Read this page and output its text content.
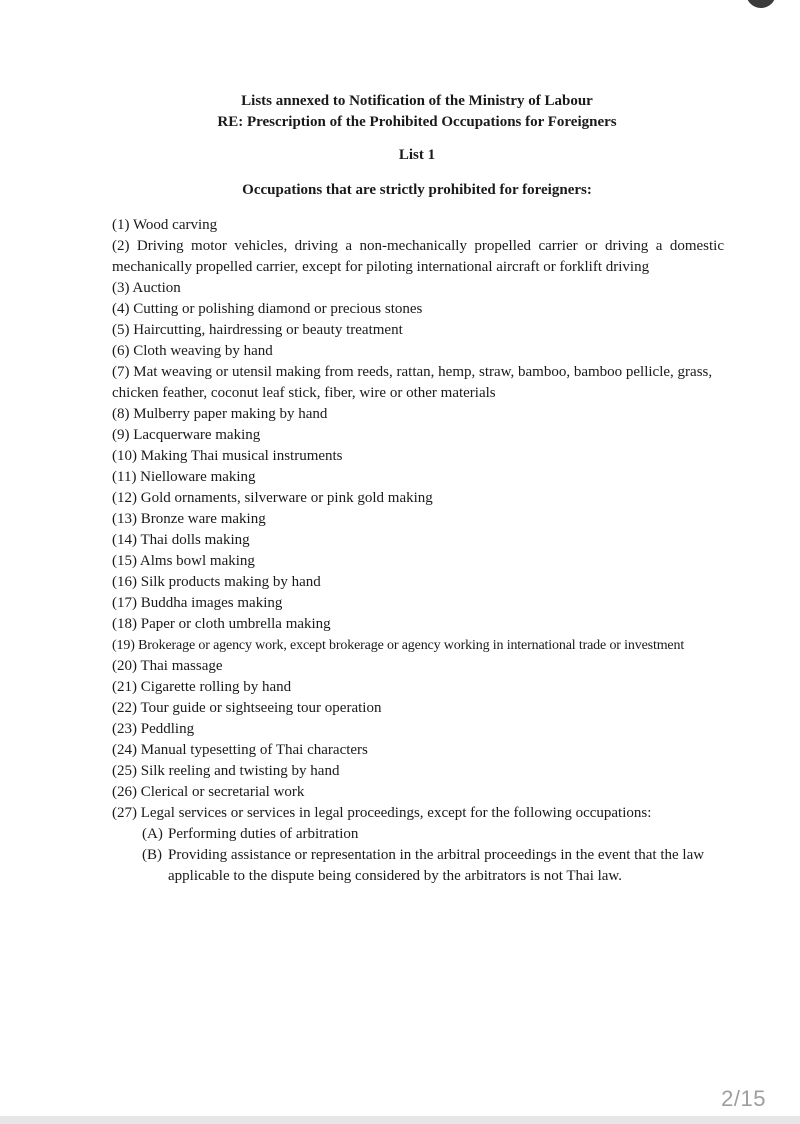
Lists annexed to Notification of the Ministry of Labour
RE: Prescription of the Prohibited Occupations for Foreigners
List 1
Occupations that are strictly prohibited for foreigners:

(1) Wood carving

(2) Driving motor vehicles, driving a non-mechanically propelled carrier or driving a domestic mechanically propelled carrier, except for piloting international aircraft or forklift driving

(3) Auction

(4) Cutting or polishing diamond or precious stones

(5) Haircutting, hairdressing or beauty treatment

(6) Cloth weaving by hand

(7) Mat weaving or utensil making from reeds, rattan, hemp, straw, bamboo, bamboo pellicle, grass, chicken feather, coconut leaf stick, fiber, wire or other materials

(8) Mulberry paper making by hand

(9) Lacquerware making

(10) Making Thai musical instruments

(11) Nielloware making

(12) Gold ornaments, silverware or pink gold making

(13) Bronze ware making

(14) Thai dolls making

(15) Alms bowl making

(16) Silk products making by hand

(17) Buddha images making

(18) Paper or cloth umbrella making

(19) Brokerage or agency work, except brokerage or agency working in international trade or investment

(20) Thai massage

(21) Cigarette rolling by hand

(22) Tour guide or sightseeing tour operation

(23) Peddling

(24) Manual typesetting of Thai characters

(25) Silk reeling and twisting by hand

(26) Clerical or secretarial work

(27) Legal services or services in legal proceedings, except for the following occupations:

(A) Performing duties of arbitration
(B) Providing assistance or representation in the arbitral proceedings in the event that the law applicable to the dispute being considered by the arbitrators is not Thai law.
2/15
